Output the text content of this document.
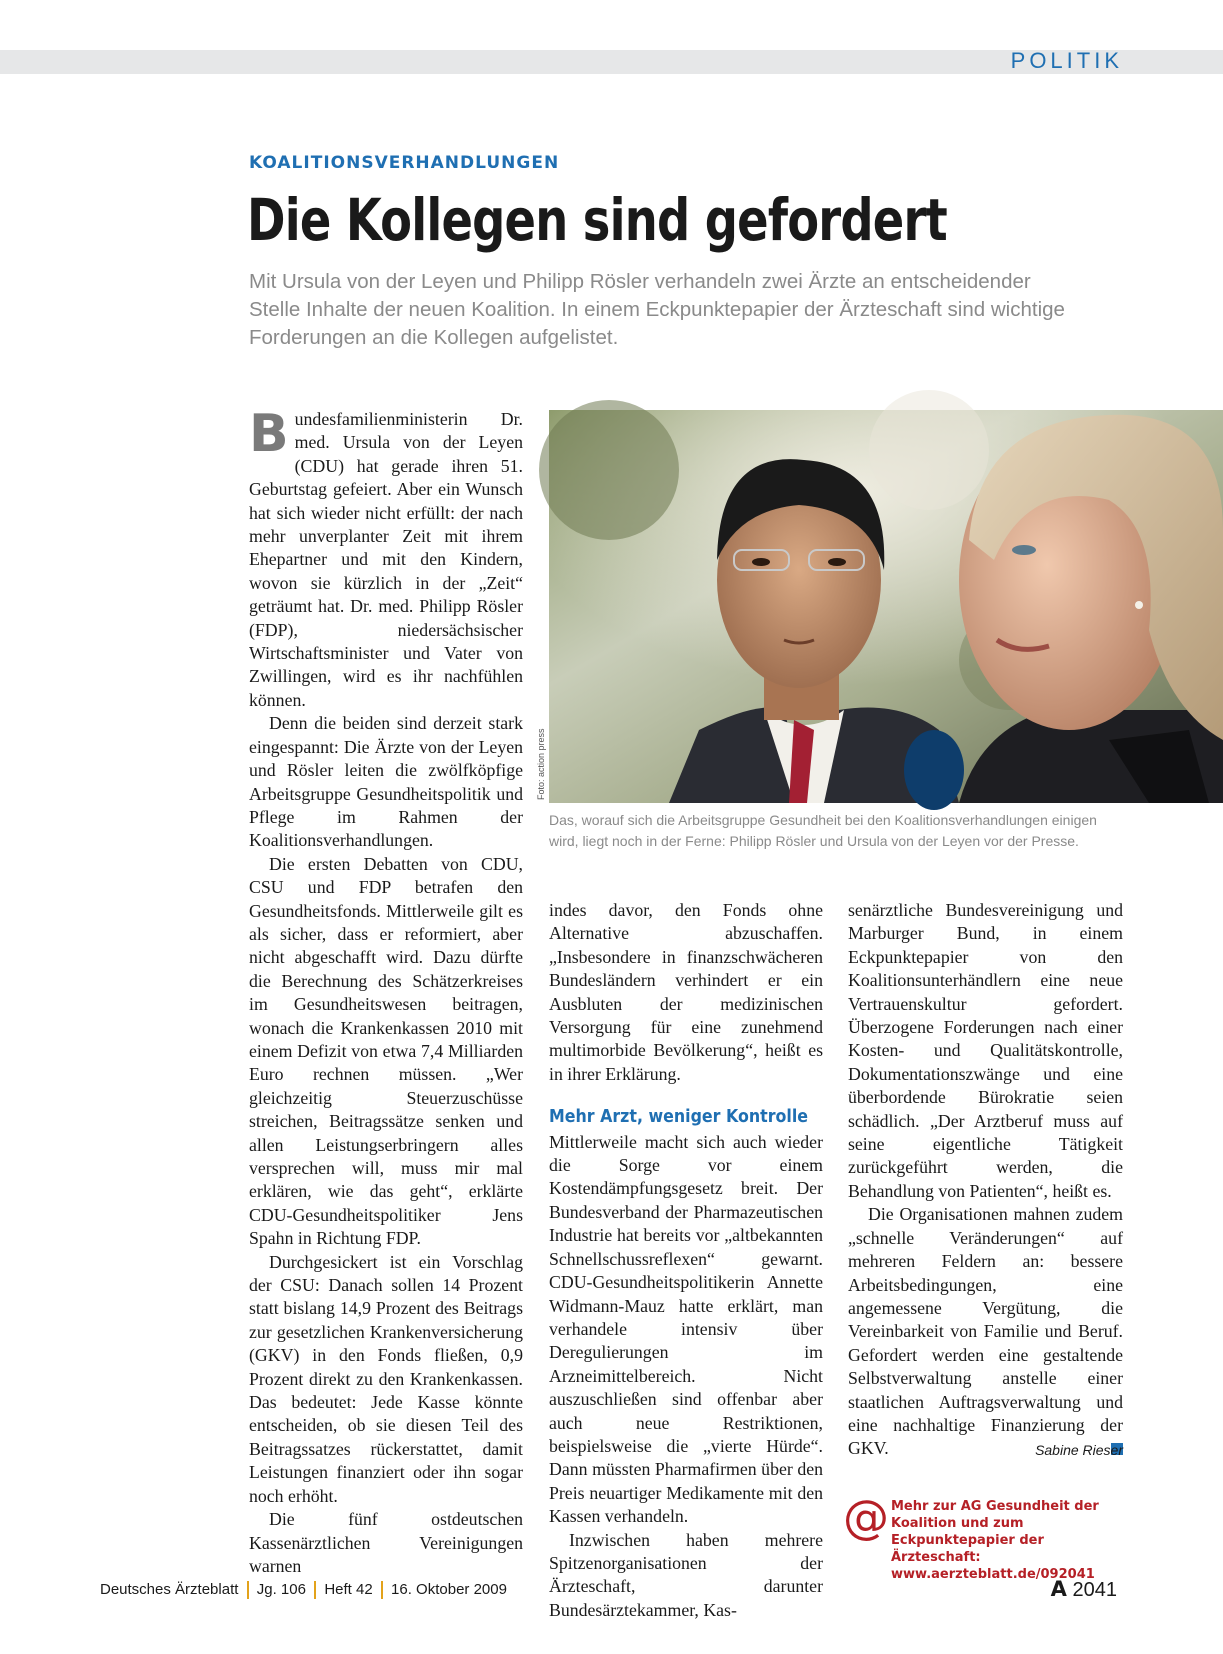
POLITIK
KOALITIONSVERHANDLUNGEN
Die Kollegen sind gefordert

Mit Ursula von der Leyen und Philipp Rösler verhandeln zwei Ärzte an entscheidender Stelle Inhalte der neuen Koalition. In einem Eckpunktepapier der Ärzteschaft sind wichtige Forderungen an die Kollegen aufgelistet.

Bundesfamilienministerin Dr. med. Ursula von der Leyen (CDU) hat gerade ihren 51. Geburtstag gefeiert. Aber ein Wunsch hat sich wieder nicht erfüllt: der nach mehr unverplanter Zeit mit ihrem Ehepartner und mit den Kindern, wovon sie kürzlich in der „Zeit“ geträumt hat. Dr. med. Philipp Rösler (FDP), niedersächsischer Wirtschaftsminister und Vater von Zwillingen, wird es ihr nachfühlen können.

Denn die beiden sind derzeit stark eingespannt: Die Ärzte von der Leyen und Rösler leiten die zwölfköpfige Arbeitsgruppe Gesundheitspolitik und Pflege im Rahmen der Koalitionsverhandlungen.

Die ersten Debatten von CDU, CSU und FDP betrafen den Gesundheitsfonds. Mittlerweile gilt es als sicher, dass er reformiert, aber nicht abgeschafft wird. Dazu dürfte die Berechnung des Schätzerkreises im Gesundheitswesen beitragen, wonach die Krankenkassen 2010 mit einem Defizit von etwa 7,4 Milliarden Euro rechnen müssen. „Wer gleichzeitig Steuerzuschüsse streichen, Beitragssätze senken und allen Leistungserbringern alles versprechen will, muss mir mal erklären, wie das geht“, erklärte CDU-Gesundheitspolitiker Jens Spahn in Richtung FDP.

Durchgesickert ist ein Vorschlag der CSU: Danach sollen 14 Prozent statt bislang 14,9 Prozent des Beitrags zur gesetzlichen Krankenversicherung (GKV) in den Fonds fließen, 0,9 Prozent direkt zu den Krankenkassen. Das bedeutet: Jede Kasse könnte entscheiden, ob sie diesen Teil des Beitragssatzes rückerstattet, damit Leistungen finanziert oder ihn sogar noch erhöht.

Die fünf ostdeutschen Kassenärztlichen Vereinigungen warnen

Foto: action press

Das, worauf sich die Arbeitsgruppe Gesundheit bei den Koalitionsverhandlungen einigen wird, liegt noch in der Ferne: Philipp Rösler und Ursula von der Leyen vor der Presse.

indes davor, den Fonds ohne Alternative abzuschaffen. „Insbesondere in finanzschwächeren Bundesländern verhindert er ein Ausbluten der medizinischen Versorgung für eine zunehmend multimorbide Bevölkerung“, heißt es in ihrer Erklärung.

Mehr Arzt, weniger Kontrolle

Mittlerweile macht sich auch wieder die Sorge vor einem Kostendämpfungsgesetz breit. Der Bundesverband der Pharmazeutischen Industrie hat bereits vor „altbekannten Schnellschussreflexen“ gewarnt. CDU-Gesundheitspolitikerin Annette Widmann-Mauz hatte erklärt, man verhandele intensiv über Deregulierungen im Arzneimittelbereich. Nicht auszuschließen sind offenbar aber auch neue Restriktionen, beispielsweise die „vierte Hürde“. Dann müssten Pharmafirmen über den Preis neuartiger Medikamente mit den Kassen verhandeln.

Inzwischen haben mehrere Spitzenorganisationen der Ärzteschaft, darunter Bundesärztekammer, Kas-

senärztliche Bundesvereinigung und Marburger Bund, in einem Eckpunktepapier von den Koalitionsunterhändlern eine neue Vertrauenskultur gefordert. Überzogene Forderungen nach einer Kosten- und Qualitätskontrolle, Dokumentationszwänge und eine überbordende Bürokratie seien schädlich. „Der Arztberuf muss auf seine eigentliche Tätigkeit zurückgeführt werden, die Behandlung von Patienten“, heißt es.

Die Organisationen mahnen zudem „schnelle Veränderungen“ auf mehreren Feldern an: bessere Arbeitsbedingungen, eine angemessene Vergütung, die Vereinbarkeit von Familie und Beruf. Gefordert werden eine gestaltende Selbstverwaltung anstelle einer staatlichen Auftragsverwaltung und eine nachhaltige Finanzierung der GKV.	Sabine Rieser
@ Mehr zur AG Gesundheit der Koalition und zum Eckpunktepapier der Ärzteschaft: www.aerzteblatt.de/092041

Deutsches Ärzteblatt Jg. 106 Heft 42 16. Oktober 2009	A 2041
